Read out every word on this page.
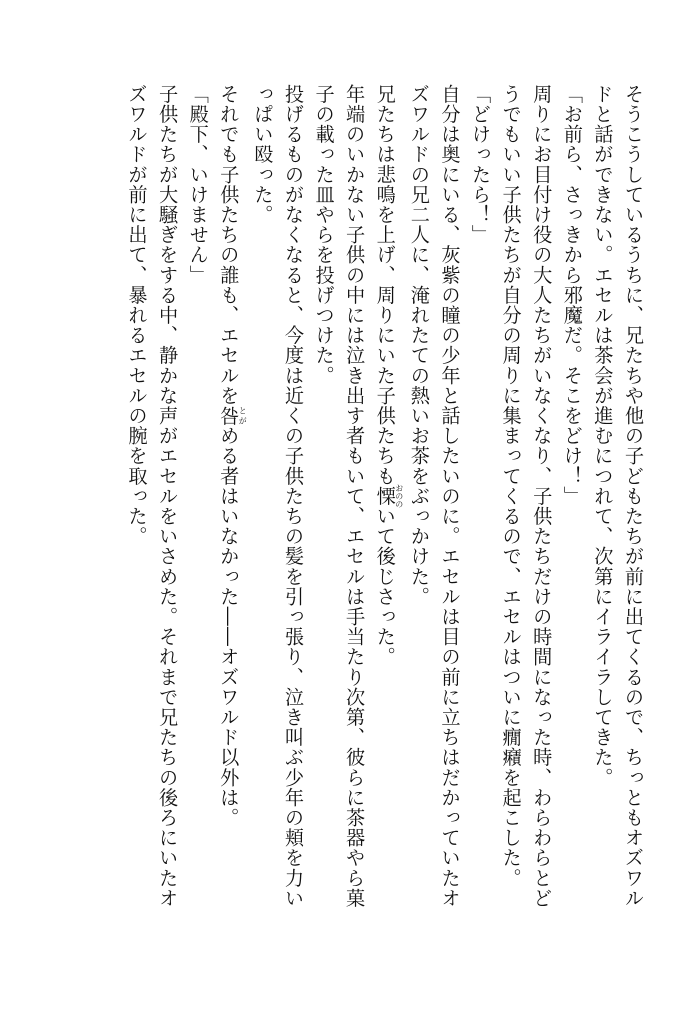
そうこうしているうちに、兄たちや他の子どもたちが前に出てくるので、ちっともオズワル
ドと話ができない。エセルは茶会が進むにつれて、次第にイライラしてきた。
「お前ら、さっきから邪魔だ。そこをどけ！」
周りにお目付け役の大人たちがいなくなり、子供たちだけの時間になった時、わらわらとど
うでもいい子供たちが自分の周りに集まってくるので、エセルはついに癇癪を起こした。
「どけったら！」
自分は奥にいる、灰紫の瞳の少年と話したいのに。エセルは目の前に立ちはだかっていたオ
ズワルドの兄二人に、淹れたての熱いお茶をぶっかけた。
兄たちは悲鳴を上げ、周りにいた子供たちも慄おののいて後じさった。
年端のいかない子供の中には泣き出す者もいて、エセルは手当たり次第、彼らに茶器やら菓
子の載った皿やらを投げつけた。
投げるものがなくなると、今度は近くの子供たちの髪を引っ張り、泣き叫ぶ少年の頬を力い
っぱい殴った。
それでも子供たちの誰も、エセルを咎とがめる者はいなかった――オズワルド以外は。
「殿下、いけません」
子供たちが大騒ぎをする中、静かな声がエセルをいさめた。それまで兄たちの後ろにいたオ
ズワルドが前に出て、暴れるエセルの腕を取った。
